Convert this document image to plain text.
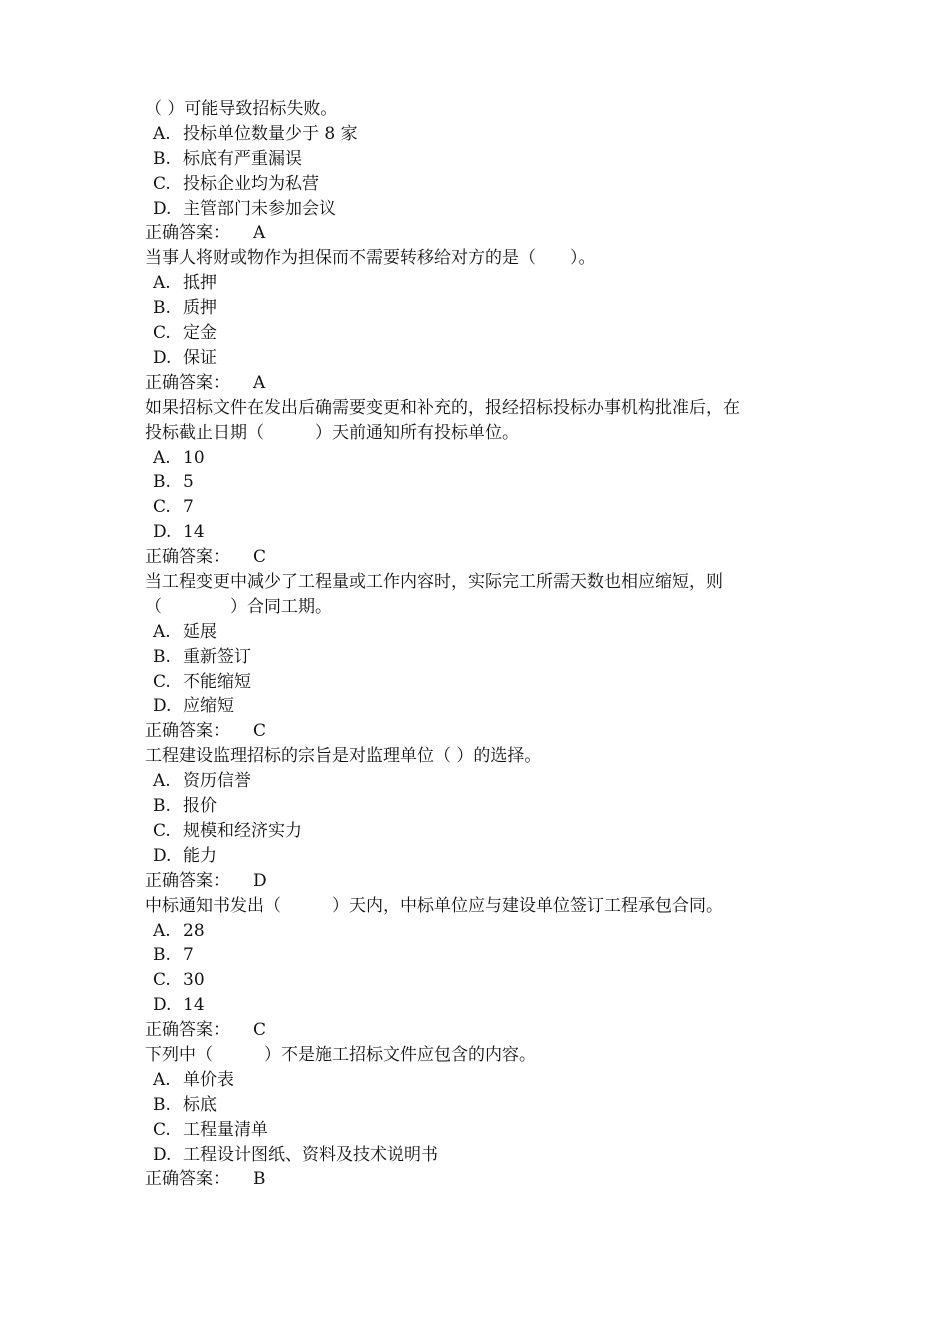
（ ）可能导致招标失败。

A. 投标单位数量少于 8 家

B. 标底有严重漏误

C. 投标企业均为私营

D. 主管部门未参加会议

正确答案： A

当事人将财或物作为担保而不需要转移给对方的是（　　）。

A. 抵押

B. 质押

C. 定金

D. 保证

正确答案： A

如果招标文件在发出后确需要变更和补充的，报经招标投标办事机构批准后，在

投标截止日期（　　　）天前通知所有投标单位。

A. 10

B. 5

C. 7

D. 14

正确答案： C

当工程变更中减少了工程量或工作内容时，实际完工所需天数也相应缩短，则

（　　　　）合同工期。

A. 延展

B. 重新签订

C. 不能缩短

D. 应缩短

正确答案： C

工程建设监理招标的宗旨是对监理单位（ ）的选择。

A. 资历信誉

B. 报价

C. 规模和经济实力

D. 能力

正确答案： D

中标通知书发出（　　　）天内，中标单位应与建设单位签订工程承包合同。

A. 28

B. 7

C. 30

D. 14

正确答案： C

下列中（　　　）不是施工招标文件应包含的内容。

A. 单价表

B. 标底

C. 工程量清单

D. 工程设计图纸、资料及技术说明书

正确答案： B
